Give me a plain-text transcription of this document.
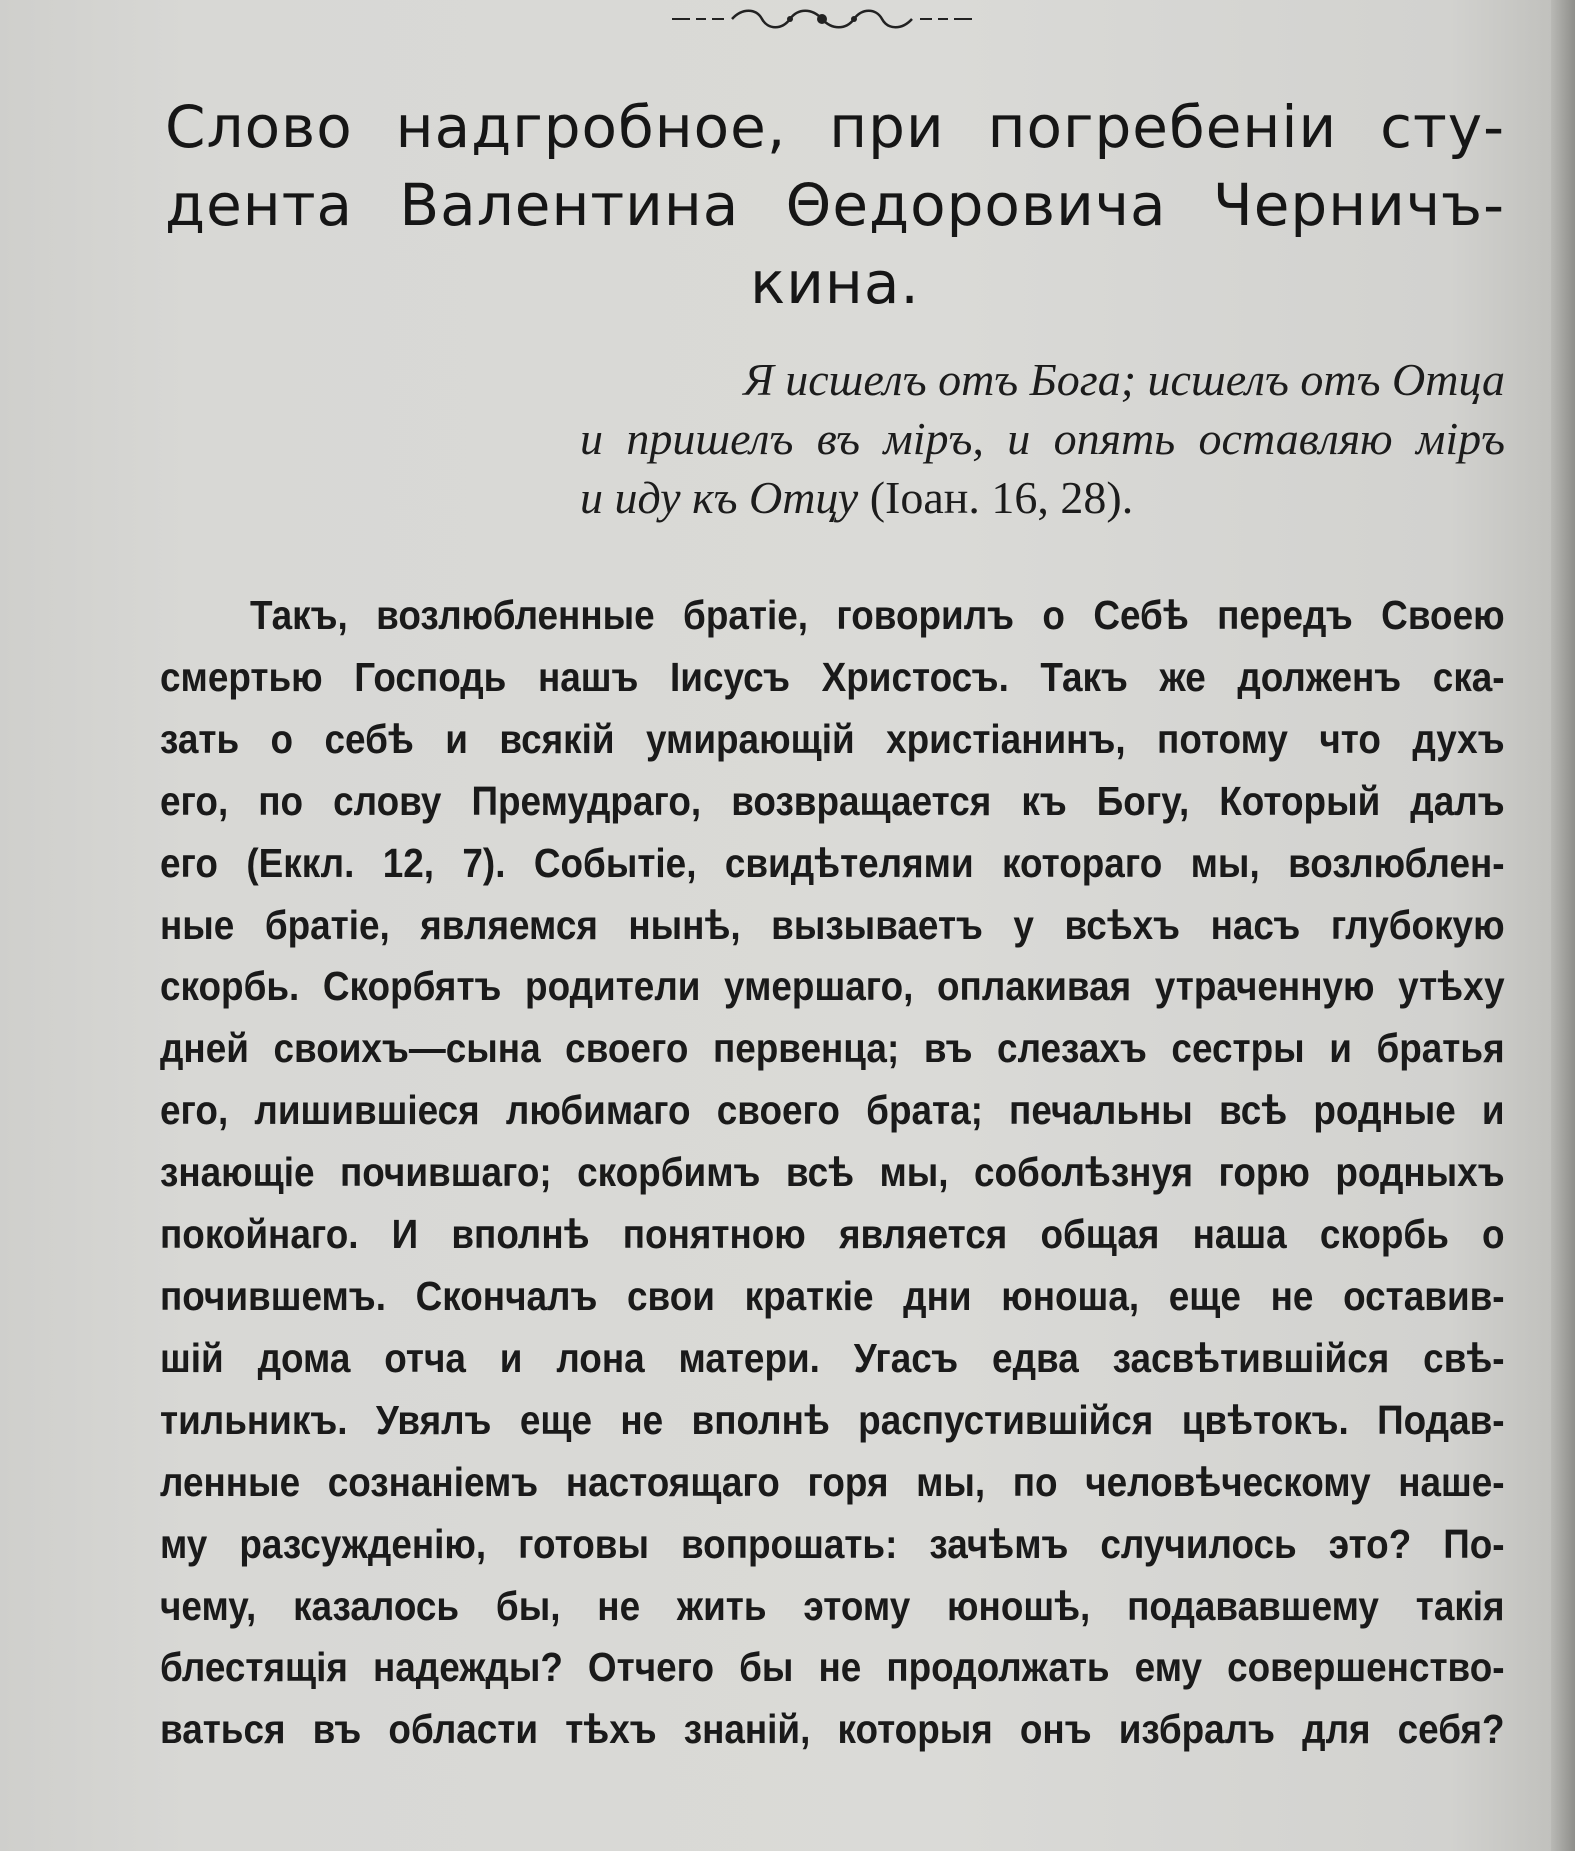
Слово надгробное, при погребенiи сту-
дента Валентина Θедоровича Черничъ-
кина.
Я исшелъ отъ Бога; исшелъ отъ Отца
и пришелъ въ мiръ, и опять оставляю мiръ
и иду къ Отцу (Iоан. 16, 28).
Такъ, возлюбленные братiе, говорилъ о Себѣ передъ Своею
смертью Господь нашъ Iисусъ Христосъ. Такъ же долженъ ска-
зать о себѣ и всякiй умирающiй христiанинъ, потому что духъ
его, по слову Премудраго, возвращается къ Богу, Который далъ
его (Еккл. 12, 7). Событiе, свидѣтелями котораго мы, возлюблен-
ные братiе, являемся нынѣ, вызываетъ у всѣхъ насъ глубокую
скорбь. Скорбятъ родители умершаго, оплакивая утраченную утѣху
дней своихъ—сына своего первенца; въ слезахъ сестры и братья
его, лишившiеся любимаго своего брата; печальны всѣ родные и
знающiе почившаго; скорбимъ всѣ мы, соболѣзнуя горю родныхъ
покойнаго. И вполнѣ понятною является общая наша скорбь о
почившемъ. Скончалъ свои краткiе дни юноша, еще не оставив-
шiй дома отча и лона матери. Угасъ едва засвѣтившiйся свѣ-
тильникъ. Увялъ еще не вполнѣ распустившiйся цвѣтокъ. Подав-
ленные сознанiемъ настоящаго горя мы, по человѣческому наше-
му разсужденiю, готовы вопрошать: зачѣмъ случилось это? По-
чему, казалось бы, не жить этому юношѣ, подававшему такiя
блестящiя надежды? Отчего бы не продолжать ему совершенство-
ваться въ области тѣхъ знанiй, которыя онъ избралъ для себя?
